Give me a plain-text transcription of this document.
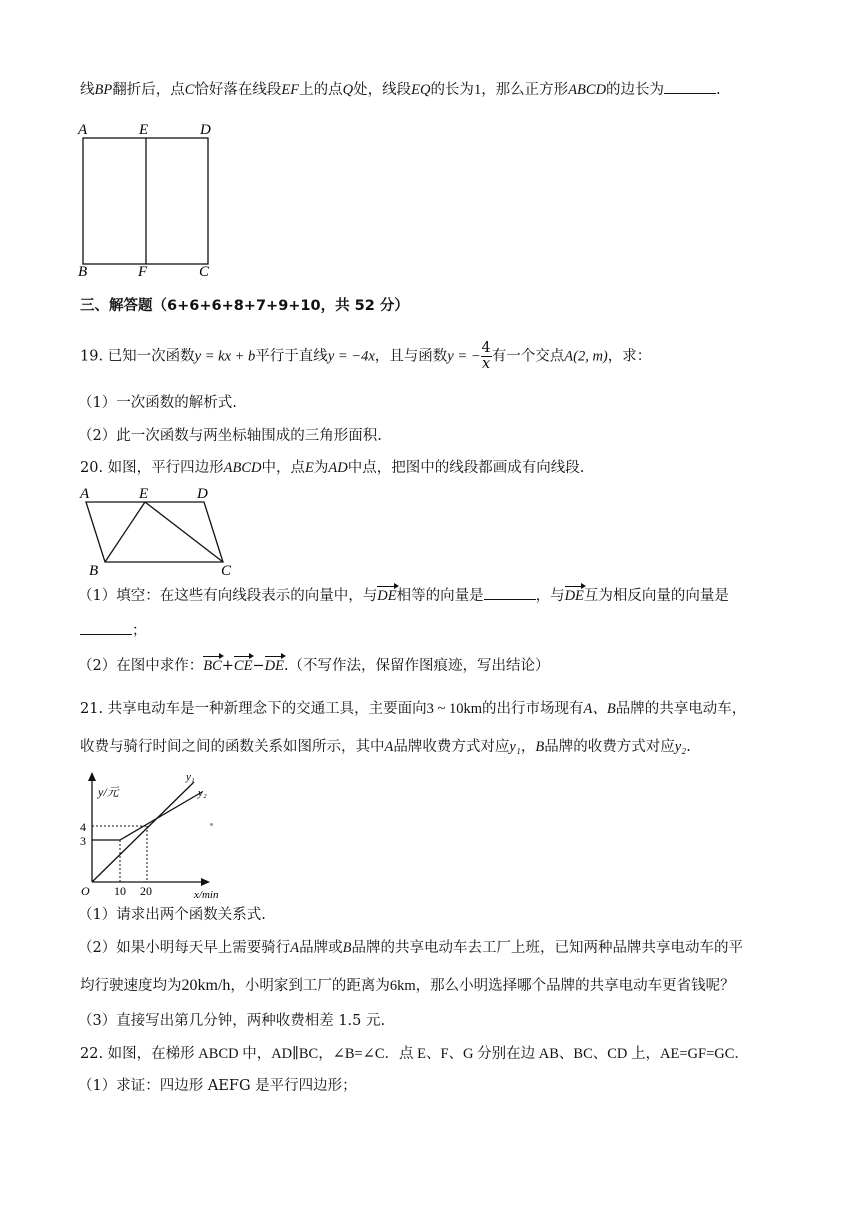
线BP翻折后，点C恰好落在线段EF上的点Q处，线段EQ的长为1，那么正方形ABCD的边长为	.
A	E	D
B	F	C
三、解答题（6+6+6+8+7+9+10，共 52 分）
19. 已知一次函数y = kx + b平行于直线y = −4x，且与函数y = − $\frac{4}{x}$ 有一个交点A(2, m)，求：
（1）一次函数的解析式.
（2）此一次函数与两坐标轴围成的三角形面积.
20. 如图，平行四边形ABCD中，点E为AD中点，把图中的线段都画成有向线段.
A	E	D
B	C
（1）填空：在这些有向线段表示的向量中，与DE相等的向量是	，与DE互为相反向量的向量是
；
（2）在图中求作：BC+CE−DE.（不写作法，保留作图痕迹，写出结论）
21. 共享电动车是一种新理念下的交通工具，主要面向3 ~ 10km的出行市场现有A、B品牌的共享电动车，
收费与骑行时间之间的函数关系如图所示，其中A品牌收费方式对应y₁，B品牌的收费方式对应y₂.
y/元
x/min
O
4
3
10 20
y₁
y₂
（1）请求出两个函数关系式.
（2）如果小明每天早上需要骑行A品牌或B品牌的共享电动车去工厂上班，已知两种品牌共享电动车的平
均行驶速度均为20km/h，小明家到工厂的距离为6km，那么小明选择哪个品牌的共享电动车更省钱呢？
（3）直接写出第几分钟，两种收费相差 1.5 元.
22. 如图，在梯形 ABCD 中，AD∥BC，∠B=∠C．点 E、F、G 分别在边 AB、BC、CD 上，AE=GF=GC．
（1）求证：四边形 AEFG 是平行四边形；
